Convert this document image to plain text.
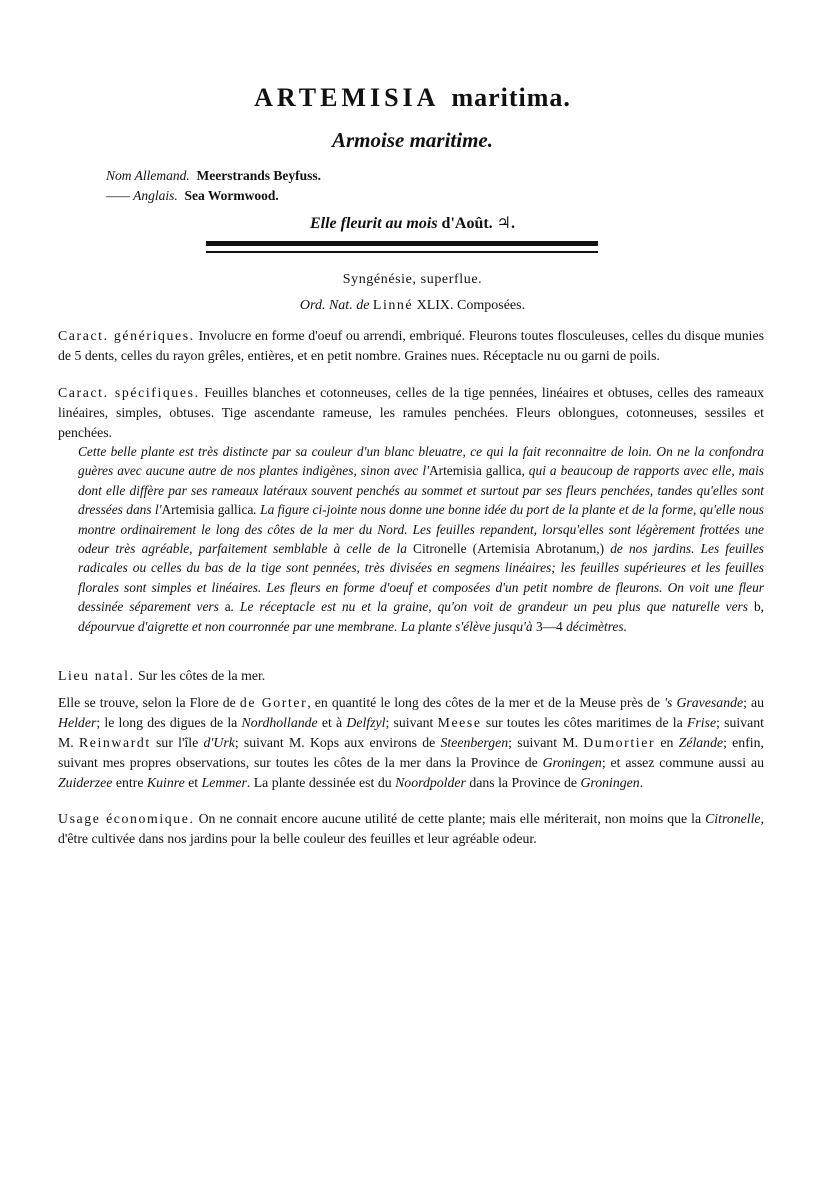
ARTEMISIA maritima.
Armoise maritime.
Nom Allemand. Meerstrands Beyfuss.
—— Anglais. Sea Wormwood.
Elle fleurit au mois d'Août. ♃.
Syngénésie, superflue.
Ord. Nat. de Linné XLIX. Composées.
Caract. génériques. Involucre en forme d'oeuf ou arrendi, embriqué. Fleurons toutes flosculeuses, celles du disque munies de 5 dents, celles du rayon grêles, entières, et en petit nombre. Graines nues. Réceptacle nu ou garni de poils.
Caract. spécifiques. Feuilles blanches et cotonneuses, celles de la tige pennées, linéaires et obtuses, celles des rameaux linéaires, simples, obtuses. Tige ascendante rameuse, les ramules penchées. Fleurs oblongues, cotonneuses, sessiles et penchées.
Cette belle plante est très distincte par sa couleur d'un blanc bleuatre, ce qui la fait reconnaitre de loin. On ne la confondra guères avec aucune autre de nos plantes indigènes, sinon avec l'Artemisia gallica, qui a beaucoup de rapports avec elle, mais dont elle diffère par ses rameaux latéraux souvent penchés au sommet et surtout par ses fleurs penchées, tandes qu'elles sont dressées dans l'Artemisia gallica. La figure ci-jointe nous donne une bonne idée du port de la plante et de la forme, qu'elle nous montre ordinairement le long des côtes de la mer du Nord. Les feuilles repandent, lorsqu'elles sont légèrement frottées une odeur très agréable, parfaitement semblable à celle de la Citronelle (Artemisia Abrotanum,) de nos jardins. Les feuilles radicales ou celles du bas de la tige sont pennées, très divisées en segmens linéaires; les feuilles supérieures et les feuilles florales sont simples et linéaires. Les fleurs en forme d'oeuf et composées d'un petit nombre de fleurons. On voit une fleur dessinée séparement vers a. Le réceptacle est nu et la graine, qu'on voit de grandeur un peu plus que naturelle vers b, dépourvue d'aigrette et non courronnée par une membrane. La plante s'élève jusqu'à 3—4 décimètres.
Lieu natal. Sur les côtes de la mer.
Elle se trouve, selon la Flore de de Gorter, en quantité le long des côtes de la mer et de la Meuse près de 's Gravesande; au Helder; le long des digues de la Nordhollande et à Delfzyl; suivant Meese sur toutes les côtes maritimes de la Frise; suivant M. Reinwardt sur l'île d'Urk; suivant M. Kops aux environs de Steenbergen; suivant M. Dumortier en Zélande; enfin, suivant mes propres observations, sur toutes les côtes de la mer dans la Province de Groningen; et assez commune aussi au Zuiderzee entre Kuinre et Lemmer. La plante dessinée est du Noordpolder dans la Province de Groningen.
Usage économique. On ne connait encore aucune utilité de cette plante; mais elle mériterait, non moins que la Citronelle, d'être cultivée dans nos jardins pour la belle couleur des feuilles et leur agréable odeur.
